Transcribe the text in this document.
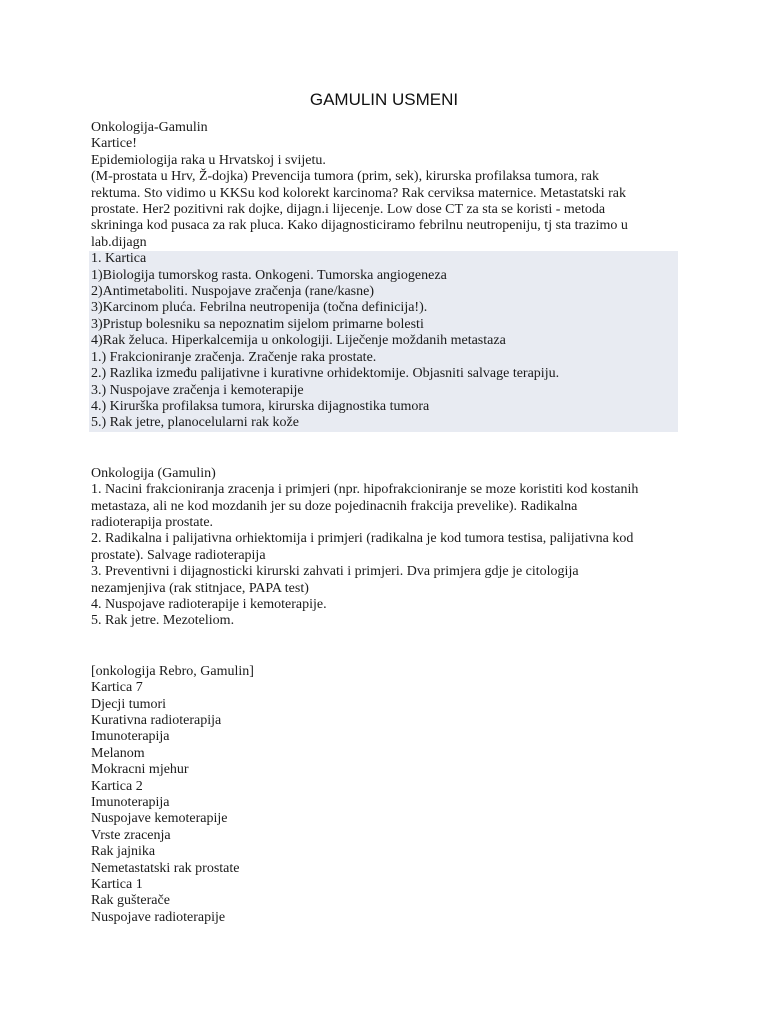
GAMULIN USMENI

Onkologija-Gamulin

Kartice!

Epidemiologija raka u Hrvatskoj i svijetu.

(M-prostata u Hrv, Ž-dojka) Prevencija tumora (prim, sek), kirurska profilaksa tumora, rak

rektuma. Sto vidimo u KKSu kod kolorekt karcinoma? Rak cerviksa maternice. Metastatski rak

prostate. Her2 pozitivni rak dojke, dijagn.i lijecenje. Low dose CT za sta se koristi - metoda

skrininga kod pusaca za rak pluca. Kako dijagnosticiramo febrilnu neutropeniju, tj sta trazimo u

lab.dijagn

1. Kartica

1)Biologija tumorskog rasta. Onkogeni. Tumorska angiogeneza

2)Antimetaboliti. Nuspojave zračenja (rane/kasne)

3)Karcinom pluća. Febrilna neutropenija (točna definicija!).

3)Pristup bolesniku sa nepoznatim sijelom primarne bolesti

4)Rak želuca. Hiperkalcemija u onkologiji. Liječenje moždanih metastaza

1.) Frakcioniranje zračenja. Zračenje raka prostate.

2.) Razlika između palijativne i kurativne orhidektomije. Objasniti salvage terapiju.

3.) Nuspojave zračenja i kemoterapije

4.) Kirurška profilaksa tumora, kirurska dijagnostika tumora

5.) Rak jetre, planocelularni rak kože

Onkologija (Gamulin)

1. Nacini frakcioniranja zracenja i primjeri (npr. hipofrakcioniranje se moze koristiti kod kostanih

metastaza, ali ne kod mozdanih jer su doze pojedinacnih frakcija prevelike). Radikalna

radioterapija prostate.

2. Radikalna i palijativna orhiektomija i primjeri (radikalna je kod tumora testisa, palijativna kod

prostate). Salvage radioterapija

3. Preventivni i dijagnosticki kirurski zahvati i primjeri. Dva primjera gdje je citologija

nezamjenjiva (rak stitnjace, PAPA test)

4. Nuspojave radioterapije i kemoterapije.

5. Rak jetre. Mezoteliom.

[onkologija Rebro, Gamulin]

Kartica 7

Djecji tumori

Kurativna radioterapija

Imunoterapija

Melanom

Mokracni mjehur

Kartica 2

Imunoterapija

Nuspojave kemoterapije

Vrste zracenja

Rak jajnika

Nemetastatski rak prostate

Kartica 1

Rak gušterače

Nuspojave radioterapije
